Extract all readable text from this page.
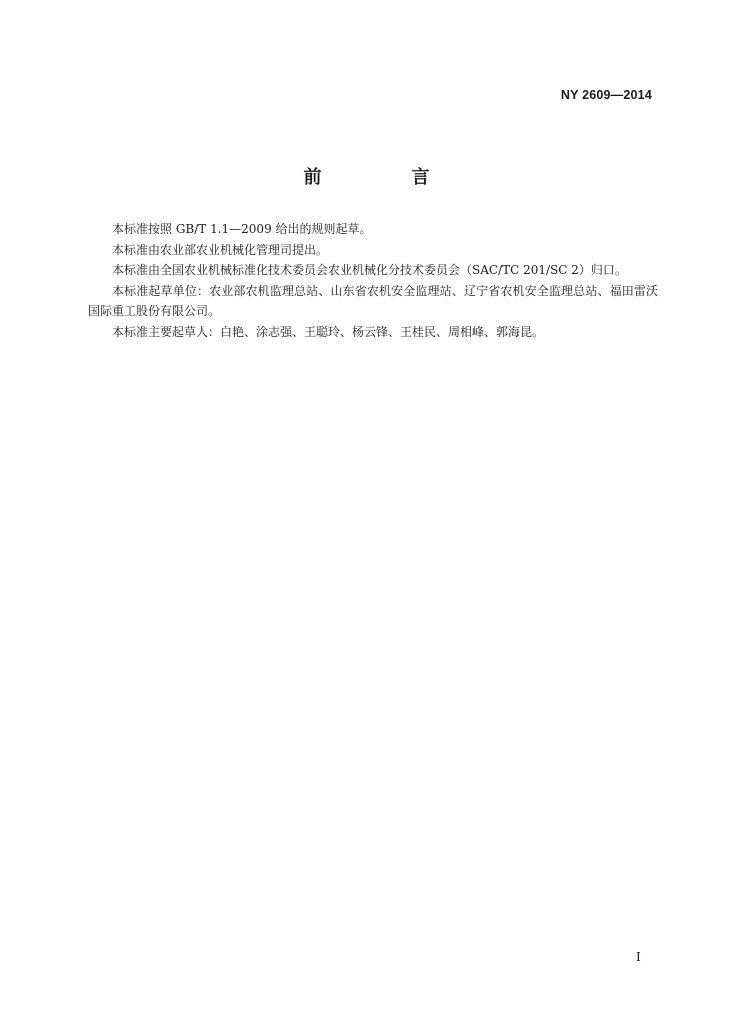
NY 2609—2014
前　言

本标准按照 GB/T 1.1—2009 给出的规则起草。

本标准由农业部农业机械化管理司提出。

本标准由全国农业机械标准化技术委员会农业机械化分技术委员会（SAC/TC 201/SC 2）归口。

本标准起草单位：农业部农机监理总站、山东省农机安全监理站、辽宁省农机安全监理总站、福田雷沃国际重工股份有限公司。

本标准主要起草人：白艳、涂志强、王聪玲、杨云锋、王桂民、周相峰、郭海昆。

I
